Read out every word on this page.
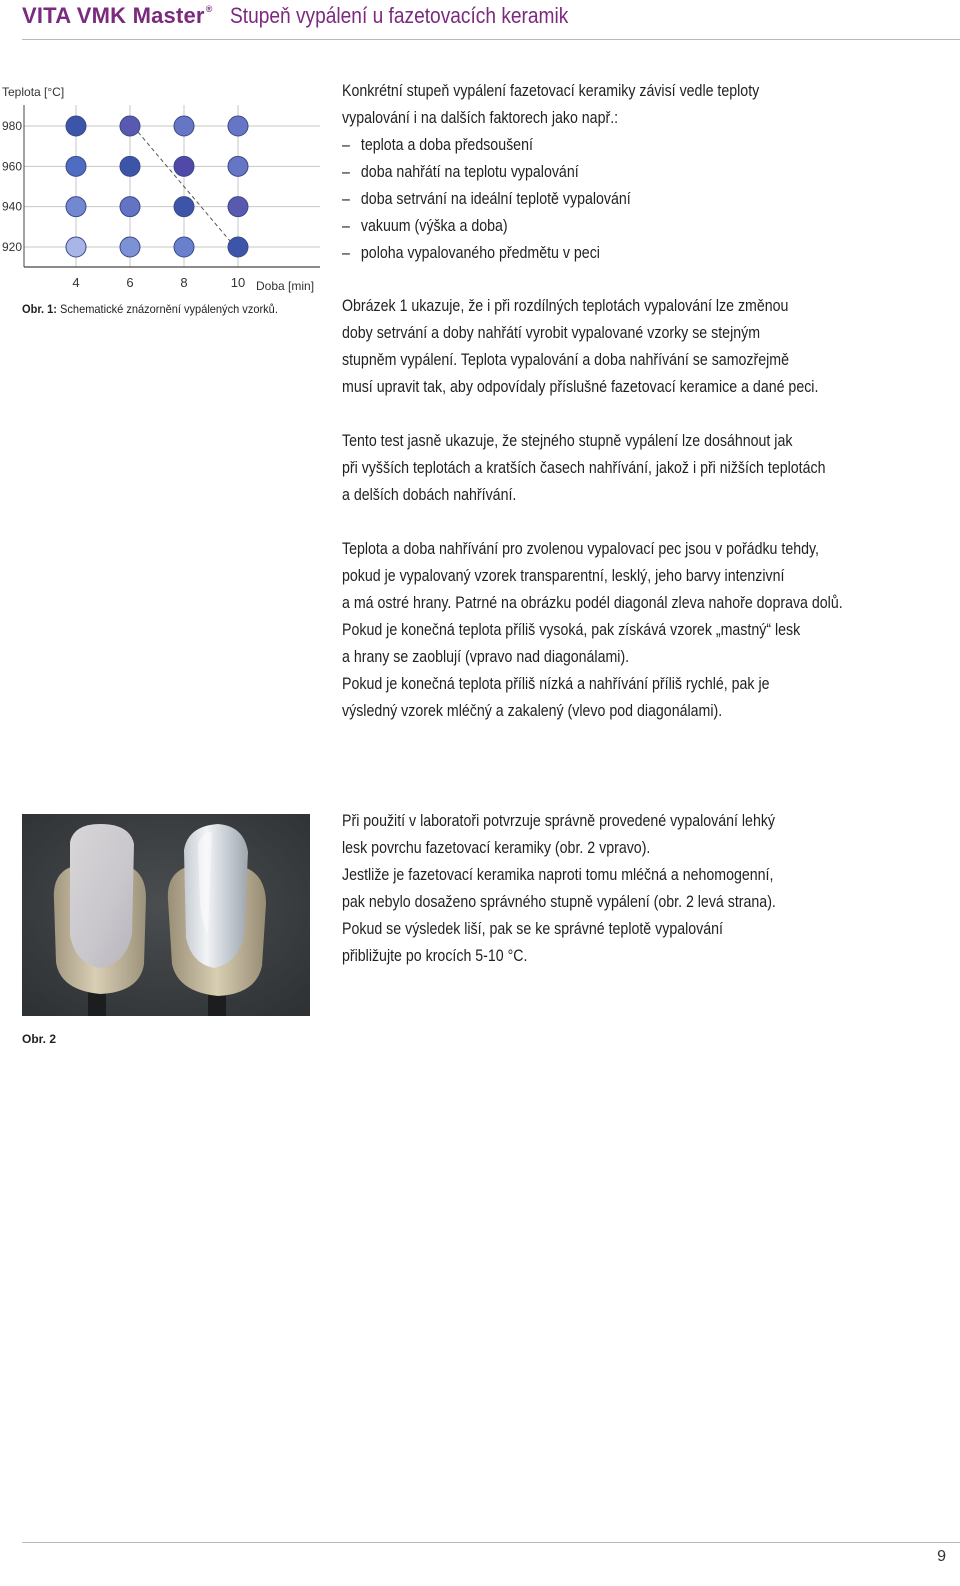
VITA VMK Master® Stupeň vypálení u fazetovacích keramik
Teplota [°C]
Doba [min]
980
960
940
920
4	6	8	10
Obr. 1: Schematické znázornění vypálených vzorků.
Konkrétní stupeň vypálení fazetovací keramiky závisí vedle teploty
vypalování i na dalších faktorech jako např.:
– teplota a doba předsoušení
– doba nahřátí na teplotu vypalování
– doba setrvání na ideální teplotě vypalování
– vakuum (výška a doba)
– poloha vypalovaného předmětu v peci
Obrázek 1 ukazuje, že i při rozdílných teplotách vypalování lze změnou
doby setrvání a doby nahřátí vyrobit vypalované vzorky se stejným
stupněm vypálení. Teplota vypalování a doba nahřívání se samozřejmě
musí upravit tak, aby odpovídaly příslušné fazetovací keramice a dané peci.
Tento test jasně ukazuje, že stejného stupně vypálení lze dosáhnout jak
při vyšších teplotách a kratších časech nahřívání, jakož i při nižších teplotách
a delších dobách nahřívání.
Teplota a doba nahřívání pro zvolenou vypalovací pec jsou v pořádku tehdy,
pokud je vypalovaný vzorek transparentní, lesklý, jeho barvy intenzivní
a má ostré hrany. Patrné na obrázku podél diagonál zleva nahoře doprava dolů.
Pokud je konečná teplota příliš vysoká, pak získává vzorek „mastný“ lesk
a hrany se zaoblují (vpravo nad diagonálami).
Pokud je konečná teplota příliš nízká a nahřívání příliš rychlé, pak je
výsledný vzorek mléčný a zakalený (vlevo pod diagonálami).
Obr. 2
Při použití v laboratoři potvrzuje správně provedené vypalování lehký
lesk povrchu fazetovací keramiky (obr. 2 vpravo).
Jestliže je fazetovací keramika naproti tomu mléčná a nehomogenní,
pak nebylo dosaženo správného stupně vypálení (obr. 2 levá strana).
Pokud se výsledek liší, pak se ke správné teplotě vypalování
přibližujte po krocích 5-10 °C.
9
